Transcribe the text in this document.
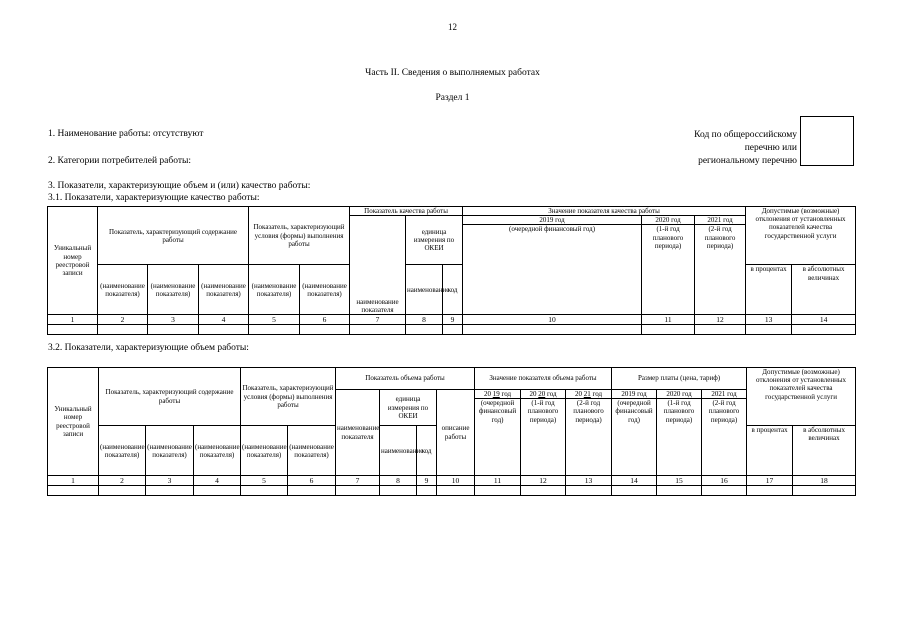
12
Часть II. Сведения о выполняемых работах
Раздел 1
1. Наименование работы: отсутствуют
2. Категории потребителей работы:
3. Показатели, характеризующие объем и (или) качество работы:
3.1. Показатели, характеризующие качество работы:
Код по общероссийскому
перечню или
региональному перечню
Уникальный номер реестровой записи	Показатель, характеризующий содержание работы			Показатель, характеризующий условия (формы) выполнения работы		Показатель качества работы			Значение показателя качества работы			Допустимые (возможные) отклонения от установленных показателей качества государственной услуги	
						наименование показателя	единица измерения по ОКЕИ		2019 год	2020 год	2021 год		
									(очередной финансовый год)	(1-й год планового периода)	(2-й год планового периода)		
	(наименование показателя)	(наименование показателя)	(наименование показателя)	(наименование показателя)	(наименование показателя)		наименование	код				в процентах	в абсолютных величинах
1	2	3	4	5	6	7	8	9	10	11	12	13	14

3.2. Показатели, характеризующие объем работы:
Уникальный номер реестровой записи	Показатель, характеризующий содержание работы			Показатель, характеризующий условия (формы) выполнения работы		Показатель объема работы				Значение показателя объема работы			Размер платы (цена, тариф)			Допустимые (возможные) отклонения от установленных показателей качества государственной услуги	
						наименование показателя	единица измерения по ОКЕИ		описание работы	20 19 год	20 20 год	20 21 год	2019 год	2020 год	2021 год		
										(очередной финансовый год)	(1-й год планового периода)	(2-й год планового периода)	(очередной финансовый год)	(1-й год планового периода)	(2-й год планового периода)		
	(наименование показателя)	(наименование показателя)	(наименование показателя)	(наименование показателя)	(наименование показателя)		наименование	код								в процентах	в абсолютных величинах
1	2	3	4	5	6	7	8	9	10	11	12	13	14	15	16	17	18
